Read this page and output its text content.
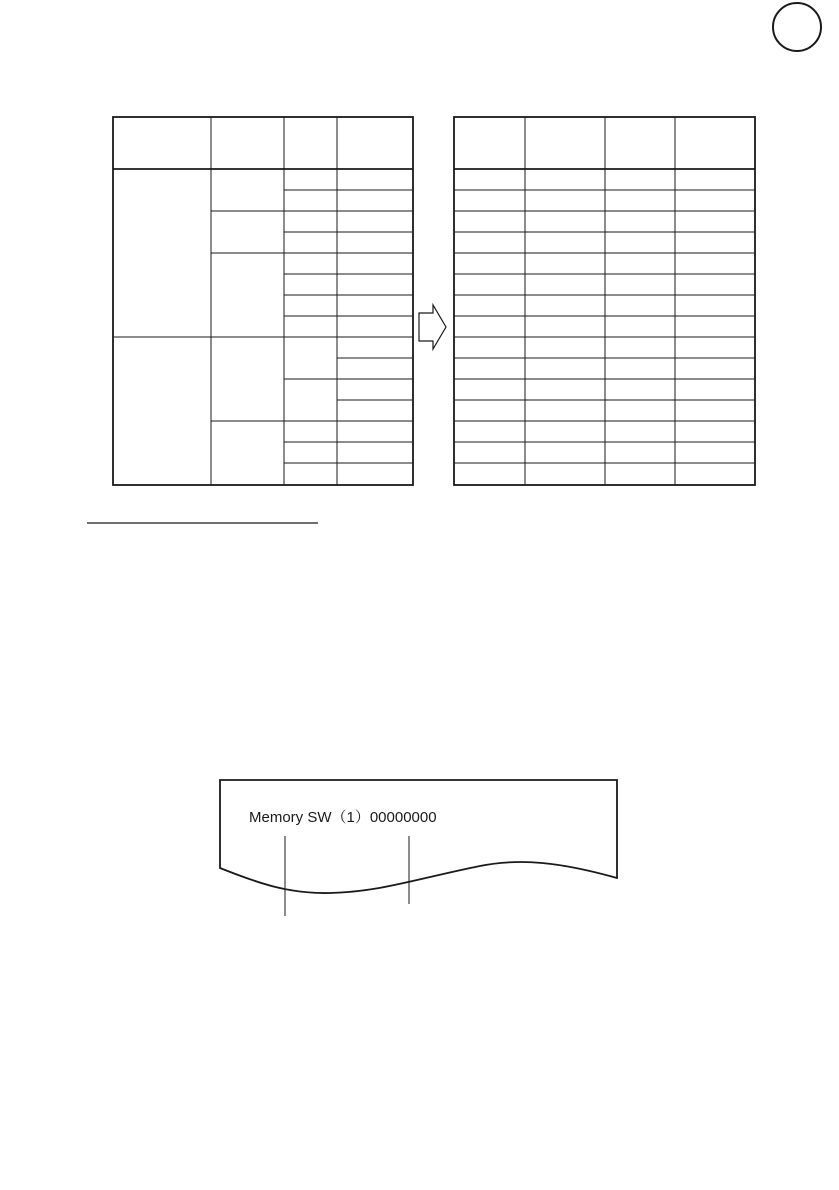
Memory SW（1）00000000
